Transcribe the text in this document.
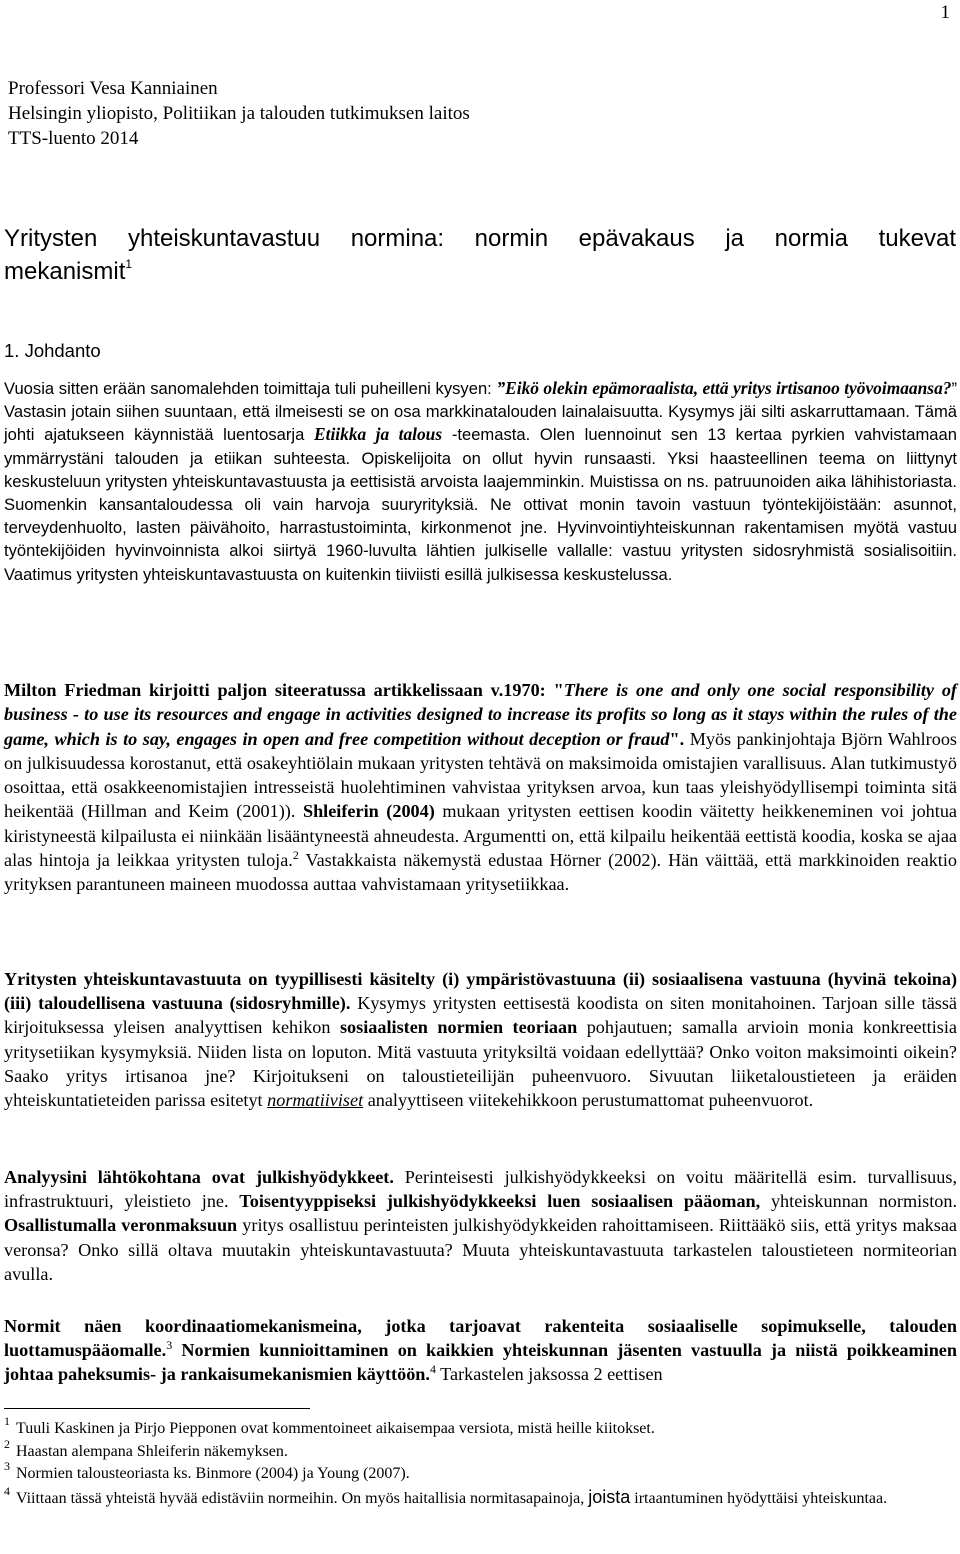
1
Professori Vesa Kanniainen
Helsingin yliopisto, Politiikan ja talouden tutkimuksen laitos
TTS-luento 2014
Yritysten yhteiskuntavastuu normina: normin epävakaus ja normia tukevat
mekanismit$^1$
1. Johdanto
Vuosia sitten erään sanomalehden toimittaja tuli puheilleni kysyen: ”Eikö olekin epämoraalista, että yritys irtisanoo työvoimaansa?” Vastasin jotain siihen suuntaan, että ilmeisesti se on osa markkinatalouden lainalaisuutta. Kysymys jäi silti askarruttamaan. Tämä johti ajatukseen käynnistää luentosarja Etiikka ja talous -teemasta. Olen luennoinut sen 13 kertaa pyrkien vahvistamaan ymmärrystäni talouden ja etiikan suhteesta. Opiskelijoita on ollut hyvin runsaasti. Yksi haasteellinen teema on liittynyt keskusteluun yritysten yhteiskuntavastuusta ja eettisistä arvoista laajemminkin. Muistissa on ns. patruunoiden aika lähihistoriasta. Suomenkin kansantaloudessa oli vain harvoja suuryrityksiä. Ne ottivat monin tavoin vastuun työntekijöistään: asunnot, terveydenhuolto, lasten päivähoito, harrastustoiminta, kirkonmenot jne. Hyvinvointiyhteiskunnan rakentamisen myötä vastuu työntekijöiden hyvinvoinnista alkoi siirtyä 1960-luvulta lähtien julkiselle vallalle: vastuu yritysten sidosryhmistä sosialisoitiin. Vaatimus yritysten yhteiskuntavastuusta on kuitenkin tiiviisti esillä julkisessa keskustelussa.
Milton Friedman kirjoitti paljon siteeratussa artikkelissaan v.1970: "There is one and only one social responsibility of business - to use its resources and engage in activities designed to increase its profits so long as it stays within the rules of the game, which is to say, engages in open and free competition without deception or fraud". Myös pankinjohtaja Björn Wahlroos on julkisuudessa korostanut, että osakeyhtiölain mukaan yritysten tehtävä on maksimoida omistajien varallisuus. Alan tutkimustyö osoittaa, että osakkeenomistajien intresseistä huolehtiminen vahvistaa yrityksen arvoa, kun taas yleishyödyllisempi toiminta sitä heikentää (Hillman and Keim (2001)). Shleiferin (2004) mukaan yritysten eettisen koodin väitetty heikkeneminen voi johtua kiristyneestä kilpailusta ei niinkään lisääntyneestä ahneudesta. Argumentti on, että kilpailu heikentää eettistä koodia, koska se ajaa alas hintoja ja leikkaa yritysten tuloja.$^2$ Vastakkaista näkemystä edustaa Hörner (2002). Hän väittää, että markkinoiden reaktio yrityksen parantuneen maineen muodossa auttaa vahvistamaan yritysetiikkaa.
Yritysten yhteiskuntavastuuta on tyypillisesti käsitelty (i) ympäristövastuuna (ii) sosiaalisena vastuuna (hyvinä tekoina) (iii) taloudellisena vastuuna (sidosryhmille). Kysymys yritysten eettisestä koodista on siten monitahoinen. Tarjoan sille tässä kirjoituksessa yleisen analyyttisen kehikon sosiaalisten normien teoriaan pohjautuen; samalla arvioin monia konkreettisia yritysetiikan kysymyksiä. Niiden lista on loputon. Mitä vastuuta yrityksiltä voidaan edellyttää? Onko voiton maksimointi oikein? Saako yritys irtisanoa jne? Kirjoitukseni on taloustieteilijän puheenvuoro. Sivuutan liiketaloustieteen ja eräiden yhteiskuntatieteiden parissa esitetyt normatiiviset analyyttiseen viitekehikkoon perustumattomat puheenvuorot.
Analyysini lähtökohtana ovat julkishyödykkeet. Perinteisesti julkishyödykkeeksi on voitu määritellä esim. turvallisuus, infrastruktuuri, yleistieto jne. Toisentyyppiseksi julkishyödykkeeksi luen sosiaalisen pääoman, yhteiskunnan normiston. Osallistumalla veronmaksuun yritys osallistuu perinteisten julkishyödykkeiden rahoittamiseen. Riittääkö siis, että yritys maksaa veronsa? Onko sillä oltava muutakin yhteiskuntavastuuta? Muuta yhteiskuntavastuuta tarkastelen taloustieteen normiteorian avulla.
Normit näen koordinaatiomekanismeina, jotka tarjoavat rakenteita sosiaaliselle sopimukselle, talouden luottamuspääomalle.$^3$ Normien kunnioittaminen on kaikkien yhteiskunnan jäsenten vastuulla ja niistä poikkeaminen johtaa paheksumis- ja rankaisumekanismien käyttöön.$^4$ Tarkastelen jaksossa 2 eettisen
$^1$ Tuuli Kaskinen ja Pirjo Piepponen ovat kommentoineet aikaisempaa versiota, mistä heille kiitokset.
$^2$ Haastan alempana Shleiferin näkemyksen.
$^3$ Normien talousteoriasta ks. Binmore (2004) ja Young (2007).
$^4$ Viittaan tässä yhteistä hyvää edistäviin normeihin. On myös haitallisia normitasapainoja, joista irtaantuminen hyödyttäisi yhteiskuntaa.
